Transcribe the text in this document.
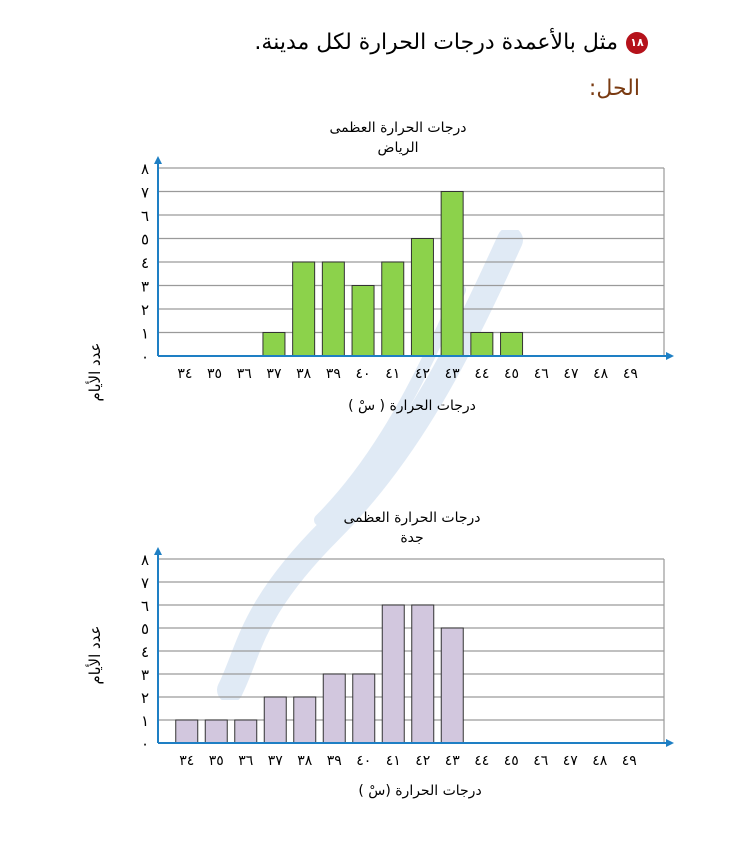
١٨
مثل بالأعمدة درجات الحرارة لكل مدينة.
الحل:
درجات الحرارة العظمى
الرياض
عدد الأيام
درجات الحرارة ( سْ )
٠
١
٢
٣
٤
٥
٦
٧
٨
٣٤ ٣٥ ٣٦ ٣٧ ٣٨ ٣٩ ٤٠ ٤١ ٤٢ ٤٣ ٤٤ ٤٥ ٤٦ ٤٧ ٤٨ ٤٩
درجات الحرارة العظمى
جدة
عدد الأيام
درجات الحرارة (سْ )
٠
١
٢
٣
٤
٥
٦
٧
٨
٣٤ ٣٥ ٣٦ ٣٧ ٣٨ ٣٩ ٤٠ ٤١ ٤٢ ٤٣ ٤٤ ٤٥ ٤٦ ٤٧ ٤٨ ٤٩
